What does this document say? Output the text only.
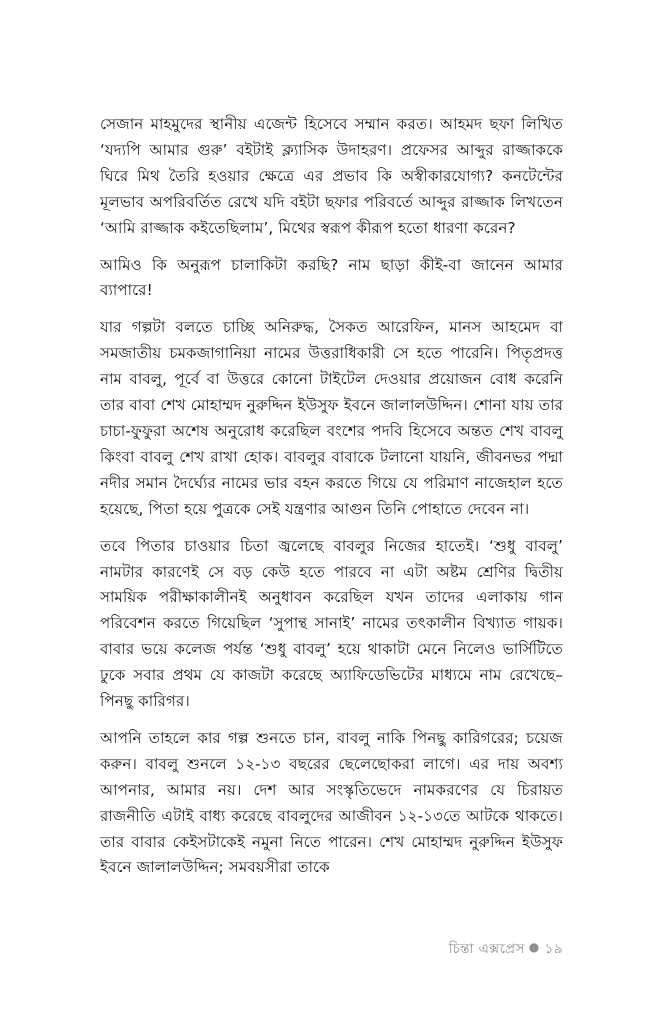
সেজান মাহমুদের স্থানীয় এজেন্ট হিসেবে সম্মান করত। আহমদ ছফা লিখিত ‘যদ্যপি আমার গুরু’ বইটাই ক্ল্যাসিক উদাহরণ। প্রফেসর আব্দুর রাজ্জাককে ঘিরে মিথ তৈরি হওয়ার ক্ষেত্রে এর প্রভাব কি অস্বীকারযোগ্য? কনটেন্টের মূলভাব অপরিবর্তিত রেখে যদি বইটা ছফার পরিবর্তে আব্দুর রাজ্জাক লিখতেন ‘আমি রাজ্জাক কইতেছিলাম’, মিথের স্বরূপ কীরূপ হতো ধারণা করেন?

আমিও কি অনুরূপ চালাকিটা করছি? নাম ছাড়া কীই-বা জানেন আমার ব্যাপারে!

যার গল্পটা বলতে চাচ্ছি অনিরুদ্ধ, সৈকত আরেফিন, মানস আহমেদ বা সমজাতীয় চমকজাগানিয়া নামের উত্তরাধিকারী সে হতে পারেনি। পিতৃপ্রদত্ত নাম বাবলু, পূর্বে বা উত্তরে কোনো টাইটেল দেওয়ার প্রয়োজন বোধ করেনি তার বাবা শেখ মোহাম্মদ নুরুদ্দিন ইউসুফ ইবনে জালালউদ্দিন। শোনা যায় তার চাচা-ফুফুরা অশেষ অনুরোধ করেছিল বংশের পদবি হিসেবে অন্তত শেখ বাবলু কিংবা বাবলু শেখ রাখা হোক। বাবলুর বাবাকে টলানো যায়নি, জীবনভর পদ্মা নদীর সমান দৈর্ঘ্যের নামের ভার বহন করতে গিয়ে যে পরিমাণ নাজেহাল হতে হয়েছে, পিতা হয়ে পুত্রকে সেই যন্ত্রণার আগুন তিনি পোহাতে দেবেন না।

তবে পিতার চাওয়ার চিতা জ্বলেছে বাবলুর নিজের হাতেই। ‘শুধু বাবলু’ নামটার কারণেই সে বড় কেউ হতে পারবে না এটা অষ্টম শ্রেণির দ্বিতীয় সাময়িক পরীক্ষাকালীনই অনুধাবন করেছিল যখন তাদের এলাকায় গান পরিবেশন করতে গিয়েছিল ‘সুপান্থ সানাই’ নামের তৎকালীন বিখ্যাত গায়ক। বাবার ভয়ে কলেজ পর্যন্ত ‘শুধু বাবলু’ হয়ে থাকাটা মেনে নিলেও ভার্সিটিতে ঢুকে সবার প্রথম যে কাজটা করেছে অ্যাফিডেভিটের মাধ্যমে নাম রেখেছে– পিনছু কারিগর।

আপনি তাহলে কার গল্প শুনতে চান, বাবলু নাকি পিনছু কারিগরের; চয়েজ করুন। বাবলু শুনলে ১২-১৩ বছরের ছেলেছোকরা লাগে। এর দায় অবশ্য আপনার, আমার নয়। দেশ আর সংস্কৃতিভেদে নামকরণের যে চিরায়ত রাজনীতি এটাই বাধ্য করেছে বাবলুদের আজীবন ১২-১৩তে আটকে থাকতে। তার বাবার কেইসটাকেই নমুনা নিতে পারেন। শেখ মোহাম্মদ নুরুদ্দিন ইউসুফ ইবনে জালালউদ্দিন; সমবয়সীরা তাকে

চিন্তা এক্সপ্রেস ● ১৯
